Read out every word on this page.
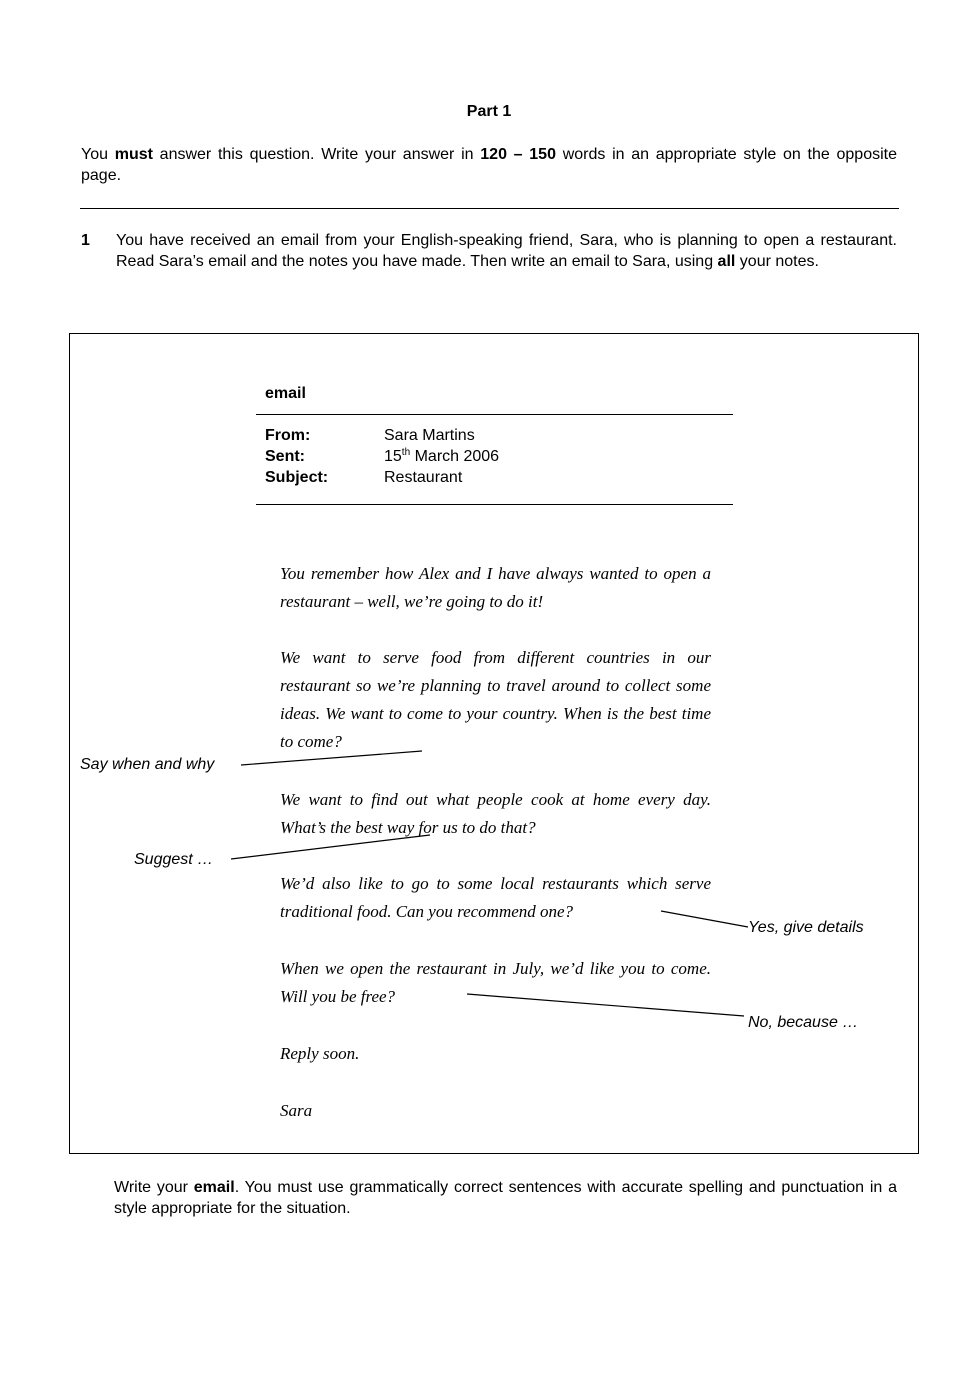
Part 1
You must answer this question. Write your answer in 120 – 150 words in an appropriate style on the opposite page.
1 You have received an email from your English-speaking friend, Sara, who is planning to open a restaurant. Read Sara’s email and the notes you have made. Then write an email to Sara, using all your notes.
email
From:	Sara Martins
Sent:	15th March 2006
Subject:	Restaurant
You remember how Alex and I have always wanted to open a restaurant – well, we’re going to do it!
We want to serve food from different countries in our restaurant so we’re planning to travel around to collect some ideas. We want to come to your country. When is the best time to come?
We want to find out what people cook at home every day. What’s the best way for us to do that?
We’d also like to go to some local restaurants which serve traditional food. Can you recommend one?
When we open the restaurant in July, we’d like you to come. Will you be free?
Reply soon.
Sara
Say when and why
Suggest …
Yes, give details
No, because …
Write your email. You must use grammatically correct sentences with accurate spelling and punctuation in a style appropriate for the situation.
